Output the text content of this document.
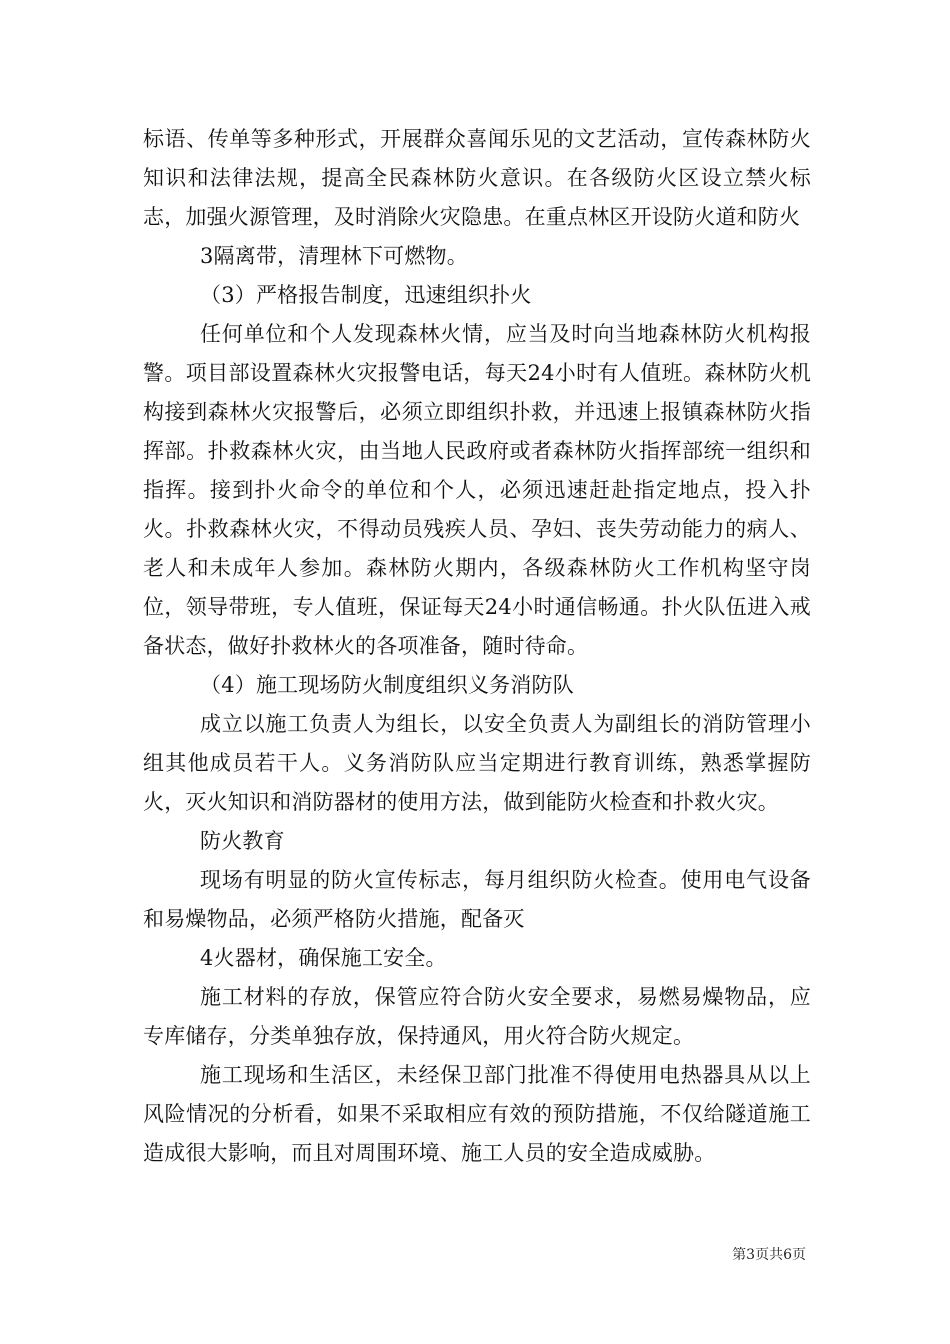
标语、传单等多种形式，开展群众喜闻乐见的文艺活动，宣传森林防火知识和法律法规，提高全民森林防火意识。在各级防火区设立禁火标志，加强火源管理，及时消除火灾隐患。在重点林区开设防火道和防火

3隔离带，清理林下可燃物。

（3）严格报告制度，迅速组织扑火

任何单位和个人发现森林火情，应当及时向当地森林防火机构报警。项目部设置森林火灾报警电话，每天24小时有人值班。森林防火机构接到森林火灾报警后，必须立即组织扑救，并迅速上报镇森林防火指挥部。扑救森林火灾，由当地人民政府或者森林防火指挥部统一组织和指挥。接到扑火命令的单位和个人，必须迅速赶赴指定地点，投入扑火。扑救森林火灾，不得动员残疾人员、孕妇、丧失劳动能力的病人、老人和未成年人参加。森林防火期内，各级森林防火工作机构坚守岗位，领导带班，专人值班，保证每天24小时通信畅通。扑火队伍进入戒备状态，做好扑救林火的各项准备，随时待命。

（4）施工现场防火制度组织义务消防队

成立以施工负责人为组长，以安全负责人为副组长的消防管理小组其他成员若干人。义务消防队应当定期进行教育训练，熟悉掌握防火，灭火知识和消防器材的使用方法，做到能防火检查和扑救火灾。

防火教育

现场有明显的防火宣传标志，每月组织防火检查。使用电气设备和易燥物品，必须严格防火措施，配备灭

4火器材，确保施工安全。

施工材料的存放，保管应符合防火安全要求，易燃易燥物品，应专库储存，分类单独存放，保持通风，用火符合防火规定。

施工现场和生活区，未经保卫部门批准不得使用电热器具从以上风险情况的分析看，如果不采取相应有效的预防措施，不仅给隧道施工造成很大影响，而且对周围环境、施工人员的安全造成威胁。

第3页共6页
